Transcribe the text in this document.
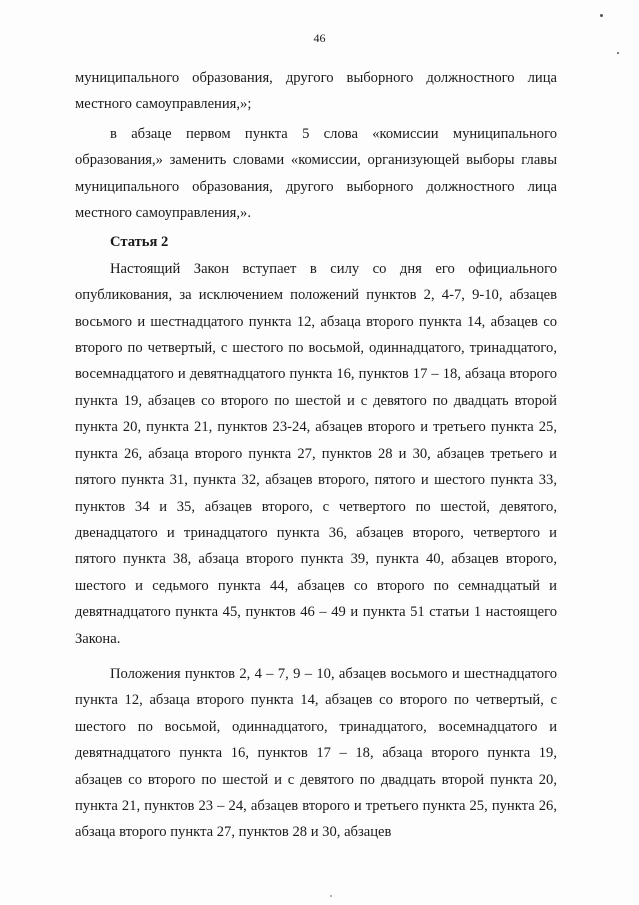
46

муниципального образования, другого выборного должностного лица местного самоуправления,»;

в абзаце первом пункта 5 слова «комиссии муниципального образования,» заменить словами «комиссии, организующей выборы главы муниципального образования, другого выборного должностного лица местного самоуправления,».

Статья 2

Настоящий Закон вступает в силу со дня его официального опубликования, за исключением положений пунктов 2, 4-7, 9-10, абзацев восьмого и шестнадцатого пункта 12, абзаца второго пункта 14, абзацев со второго по четвертый, с шестого по восьмой, одиннадцатого, тринадцатого, восемнадцатого и девятнадцатого пункта 16, пунктов 17 – 18, абзаца второго пункта 19, абзацев со второго по шестой и с девятого по двадцать второй пункта 20, пункта 21, пунктов 23-24, абзацев второго и третьего пункта 25, пункта 26, абзаца второго пункта 27, пунктов 28 и 30, абзацев третьего и пятого пункта 31, пункта 32, абзацев второго, пятого и шестого пункта 33, пунктов 34 и 35, абзацев второго, с четвертого по шестой, девятого, двенадцатого и тринадцатого пункта 36, абзацев второго, четвертого и пятого пункта 38, абзаца второго пункта 39, пункта 40, абзацев второго, шестого и седьмого пункта 44, абзацев со второго по семнадцатый и девятнадцатого пункта 45, пунктов 46 – 49 и пункта 51 статьи 1 настоящего Закона.

Положения пунктов 2, 4 – 7, 9 – 10, абзацев восьмого и шестнадцатого пункта 12, абзаца второго пункта 14, абзацев со второго по четвертый, с шестого по восьмой, одиннадцатого, тринадцатого, восемнадцатого и девятнадцатого пункта 16, пунктов 17 – 18, абзаца второго пункта 19, абзацев со второго по шестой и с девятого по двадцать второй пункта 20, пункта 21, пунктов 23 – 24, абзацев второго и третьего пункта 25, пункта 26, абзаца второго пункта 27, пунктов 28 и 30, абзацев
